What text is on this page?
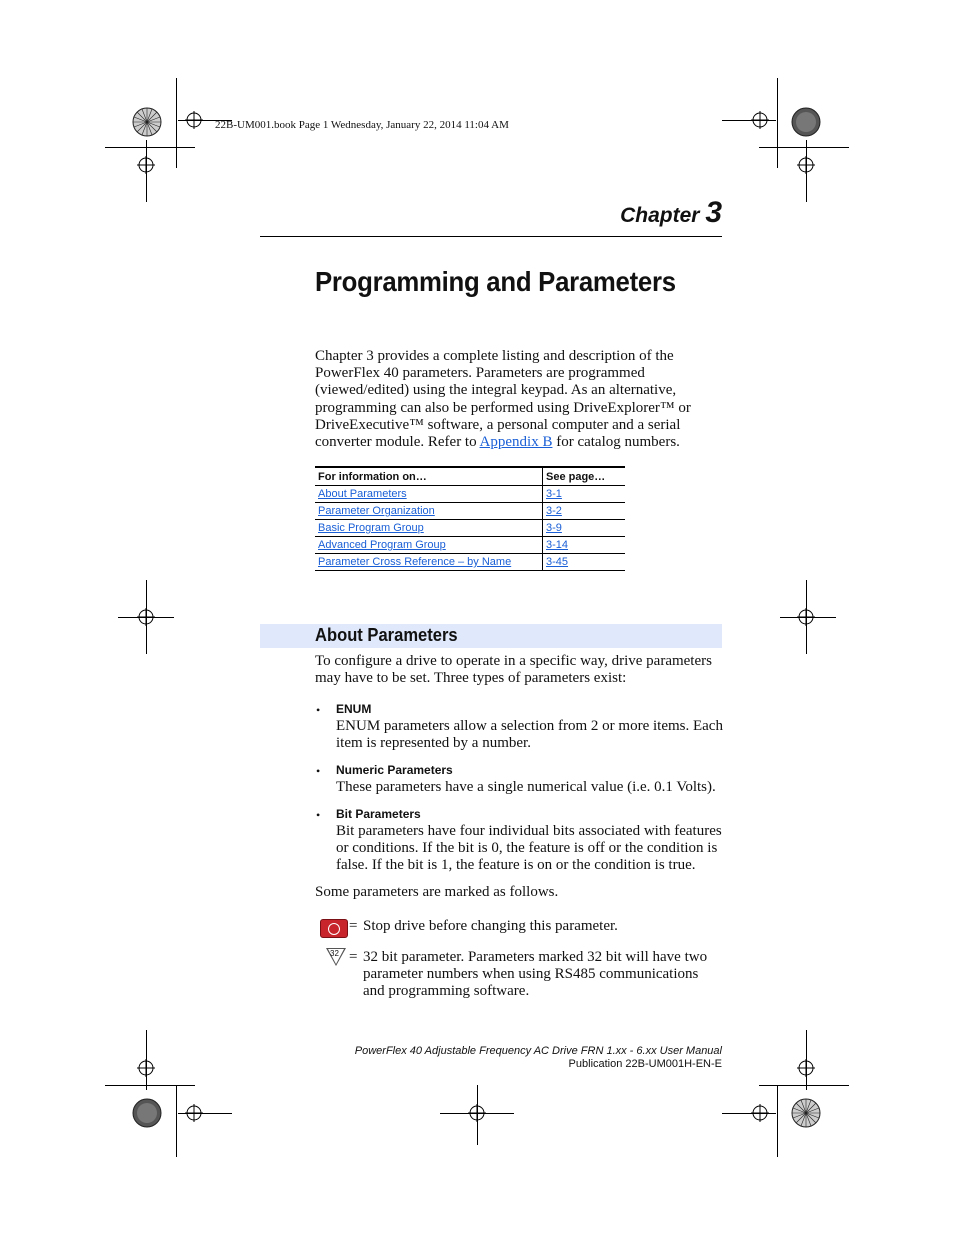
22B-UM001.book Page 1 Wednesday, January 22, 2014 11:04 AM
Chapter 3
Programming and Parameters
Chapter 3 provides a complete listing and description of the PowerFlex 40 parameters. Parameters are programmed (viewed/edited) using the integral keypad. As an alternative, programming can also be performed using DriveExplorer™ or DriveExecutive™ software, a personal computer and a serial converter module. Refer to Appendix B for catalog numbers.
For information on…	See page…
About Parameters	3-1
Parameter Organization	3-2
Basic Program Group	3-9
Advanced Program Group	3-14
Parameter Cross Reference – by Name	3-45
About Parameters
To configure a drive to operate in a specific way, drive parameters may have to be set. Three types of parameters exist:
• ENUM
ENUM parameters allow a selection from 2 or more items. Each item is represented by a number.
• Numeric Parameters
These parameters have a single numerical value (i.e. 0.1 Volts).
• Bit Parameters
Bit parameters have four individual bits associated with features or conditions. If the bit is 0, the feature is off or the condition is false. If the bit is 1, the feature is on or the condition is true.
Some parameters are marked as follows.
= Stop drive before changing this parameter.
32 = 32 bit parameter. Parameters marked 32 bit will have two parameter numbers when using RS485 communications and programming software.
PowerFlex 40 Adjustable Frequency AC Drive FRN 1.xx - 6.xx User Manual
Publication 22B-UM001H-EN-E
